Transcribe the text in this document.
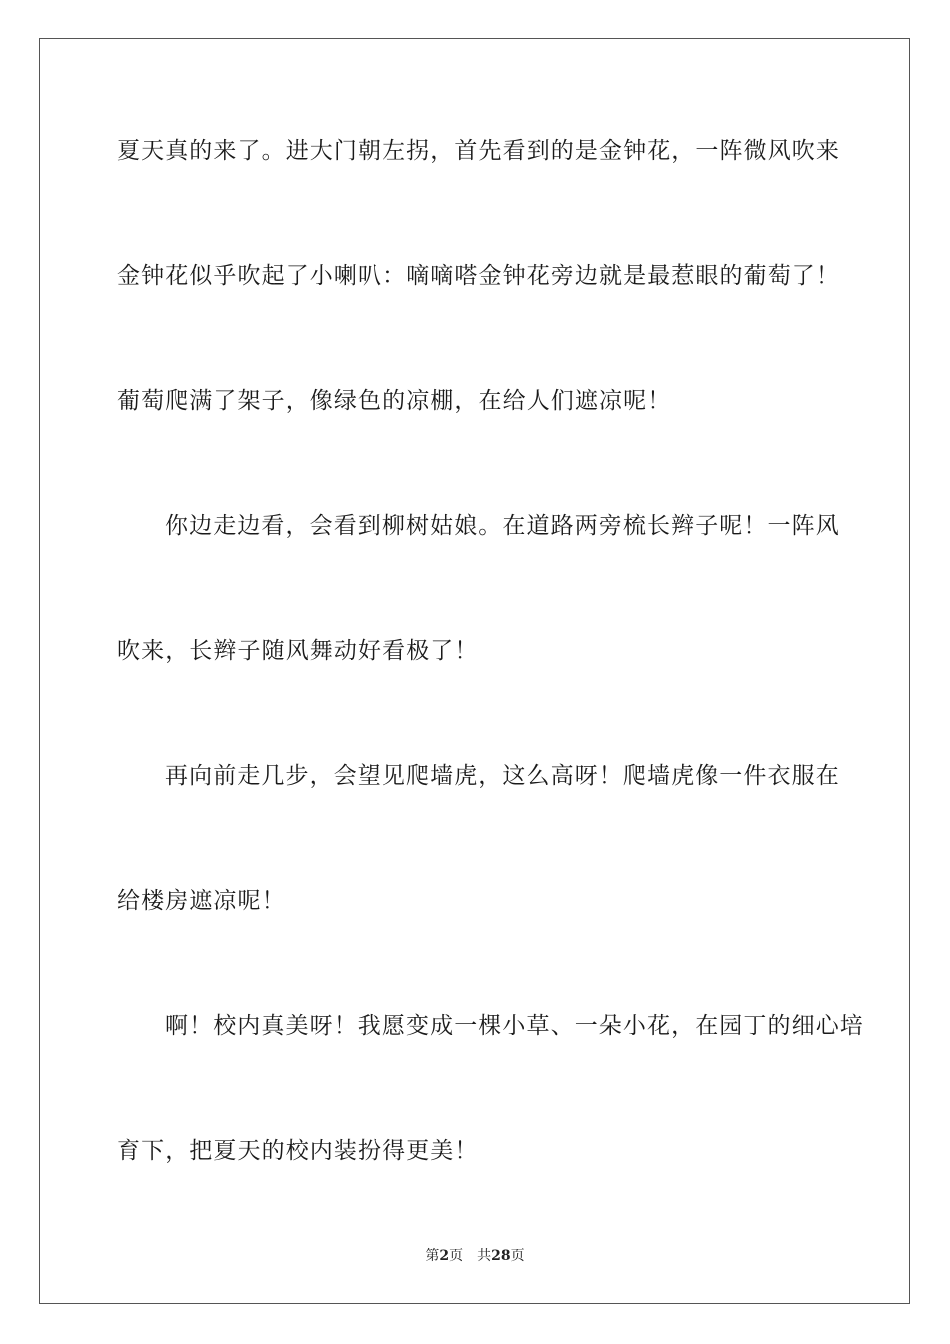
夏天真的来了。进大门朝左拐，首先看到的是金钟花，一阵微风吹来
金钟花似乎吹起了小喇叭：嘀嘀嗒金钟花旁边就是最惹眼的葡萄了！
葡萄爬满了架子，像绿色的凉棚，在给人们遮凉呢！
你边走边看，会看到柳树姑娘。在道路两旁梳长辫子呢！一阵风
吹来，长辫子随风舞动好看极了！
再向前走几步，会望见爬墙虎，这么高呀！爬墙虎像一件衣服在
给楼房遮凉呢！
啊！校内真美呀！我愿变成一棵小草、一朵小花，在园丁的细心培
育下，把夏天的校内装扮得更美！
第2页 共28页
